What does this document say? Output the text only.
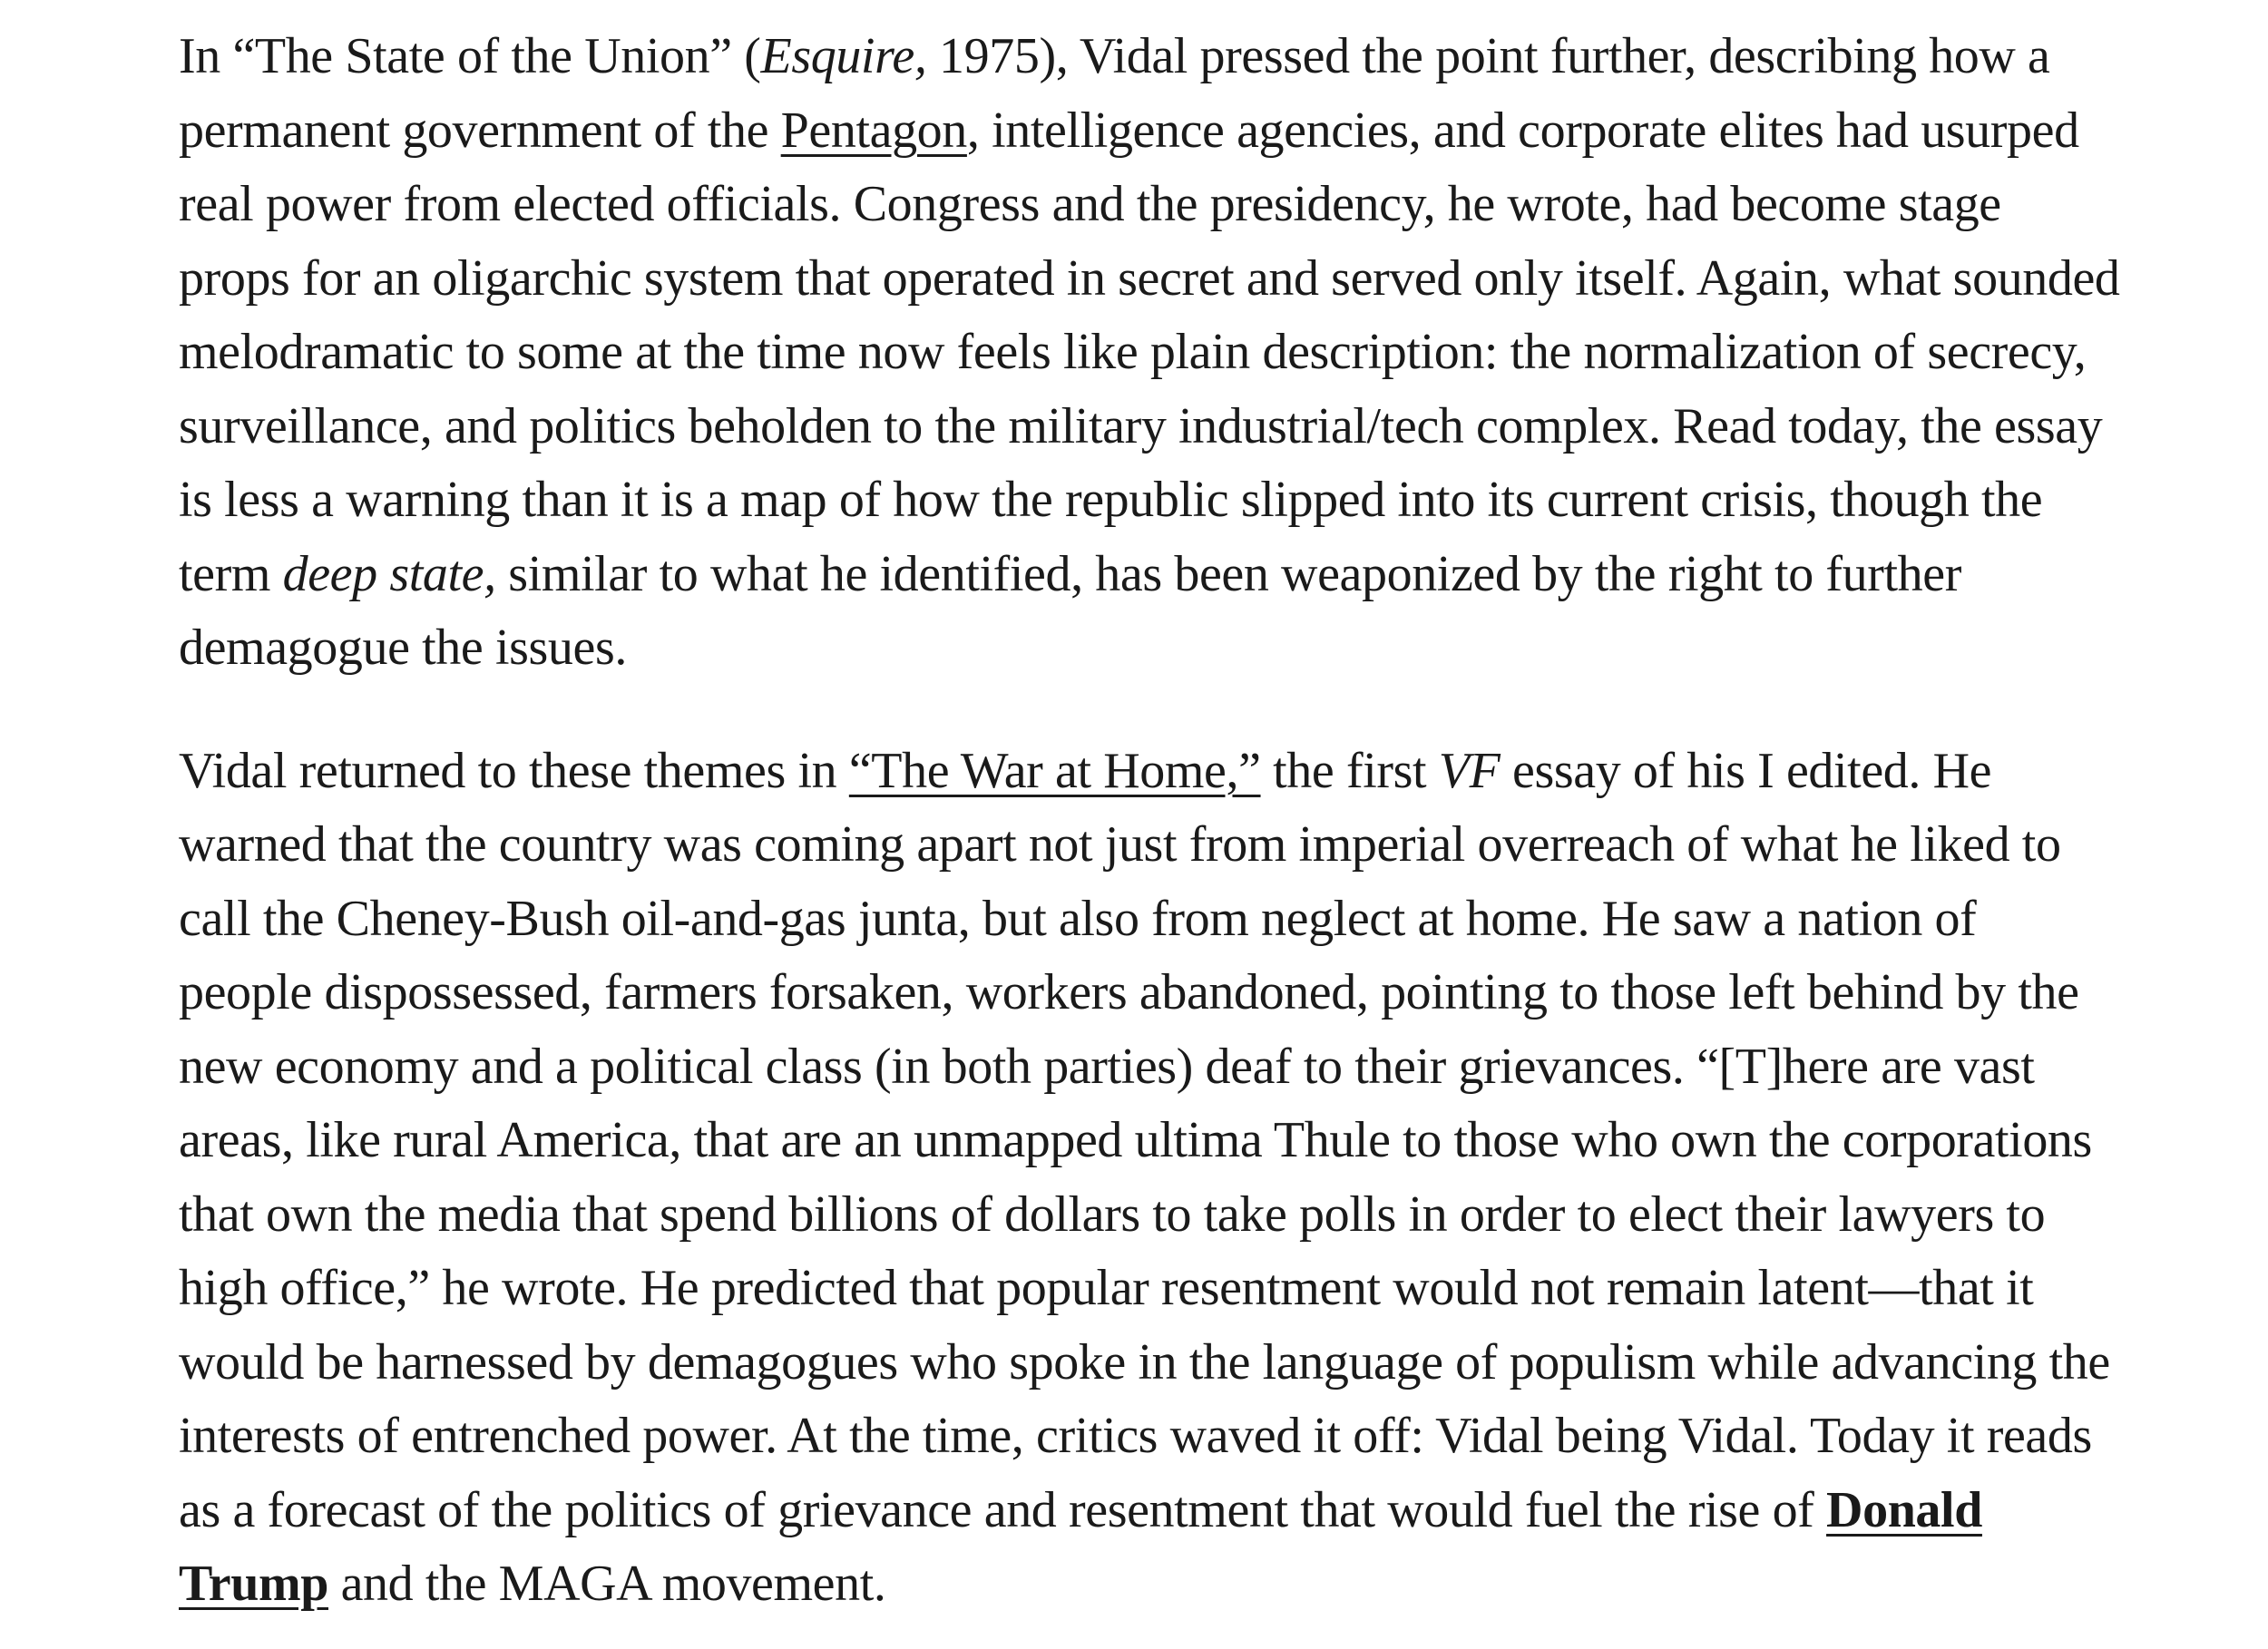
In “The State of the Union” (Esquire, 1975), Vidal pressed the point further, describing how a permanent government of the Pentagon, intelligence agencies, and corporate elites had usurped real power from elected officials. Congress and the presidency, he wrote, had become stage props for an oligarchic system that operated in secret and served only itself. Again, what sounded melodramatic to some at the time now feels like plain description: the normalization of secrecy, surveillance, and politics beholden to the military industrial/tech complex. Read today, the essay is less a warning than it is a map of how the republic slipped into its current crisis, though the term deep state, similar to what he identified, has been weaponized by the right to further demagogue the issues.

Vidal returned to these themes in “The War at Home,” the first VF essay of his I edited. He warned that the country was coming apart not just from imperial overreach of what he liked to call the Cheney-Bush oil-and-gas junta, but also from neglect at home. He saw a nation of people dispossessed, farmers forsaken, workers abandoned, pointing to those left behind by the new economy and a political class (in both parties) deaf to their grievances. “[T]here are vast areas, like rural America, that are an unmapped ultima Thule to those who own the corporations that own the media that spend billions of dollars to take polls in order to elect their lawyers to high office,” he wrote. He predicted that popular resentment would not remain latent—that it would be harnessed by demagogues who spoke in the language of populism while advancing the interests of entrenched power. At the time, critics waved it off: Vidal being Vidal. Today it reads as a forecast of the politics of grievance and resentment that would fuel the rise of Donald Trump and the MAGA movement.
